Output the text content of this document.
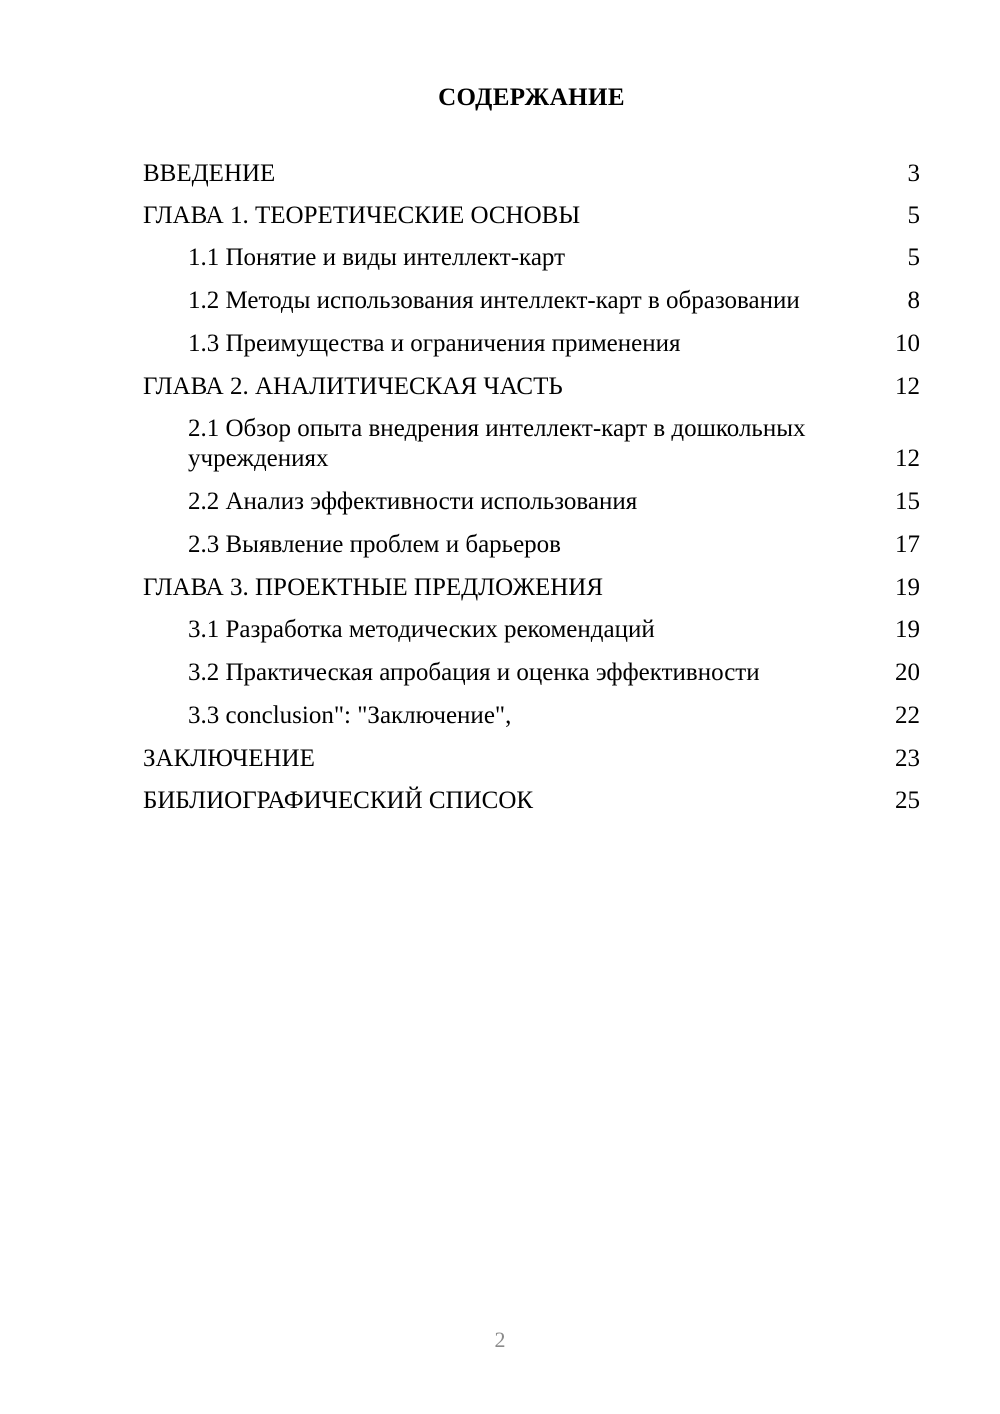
СОДЕРЖАНИЕ
ВВЕДЕНИЕ	3
ГЛАВА 1. ТЕОРЕТИЧЕСКИЕ ОСНОВЫ	5
1.1 Понятие и виды интеллект-карт	5
1.2 Методы использования интеллект-карт в образовании	8
1.3 Преимущества и ограничения применения	10
ГЛАВА 2. АНАЛИТИЧЕСКАЯ ЧАСТЬ	12
2.1 Обзор опыта внедрения интеллект-карт в дошкольных учреждениях	12
2.2 Анализ эффективности использования	15
2.3 Выявление проблем и барьеров	17
ГЛАВА 3. ПРОЕКТНЫЕ ПРЕДЛОЖЕНИЯ	19
3.1 Разработка методических рекомендаций	19
3.2 Практическая апробация и оценка эффективности	20
3.3 conclusion": "Заключение",	22
ЗАКЛЮЧЕНИЕ	23
БИБЛИОГРАФИЧЕСКИЙ СПИСОК	25
2
